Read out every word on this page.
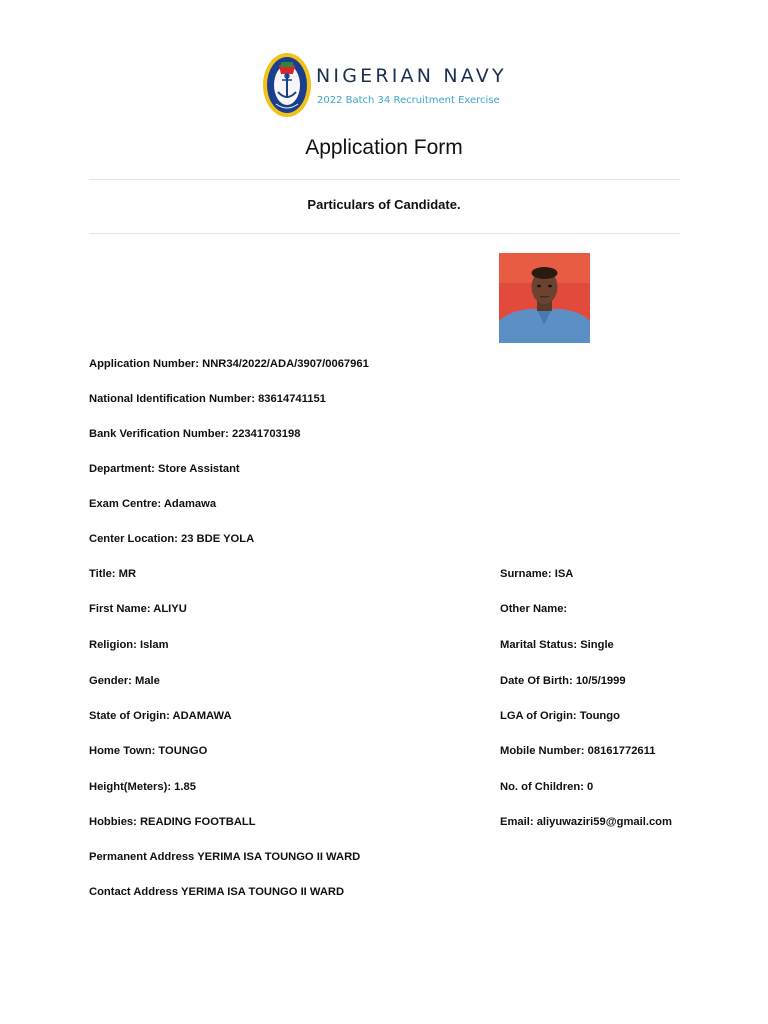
NIGERIAN NAVY
2022 Batch 34 Recruitment Exercise
Application Form
Particulars of Candidate.
Application Number: NNR34/2022/ADA/3907/0067961
National Identification Number: 83614741151
Bank Verification Number: 22341703198
Department: Store Assistant
Exam Centre: Adamawa
Center Location: 23 BDE YOLA
Title: MR	Surname: ISA
First Name: ALIYU	Other Name:
Religion: Islam	Marital Status: Single
Gender: Male	Date Of Birth: 10/5/1999
State of Origin: ADAMAWA	LGA of Origin: Toungo
Home Town: TOUNGO	Mobile Number: 08161772611
Height(Meters): 1.85	No. of Children: 0
Hobbies: READING FOOTBALL	Email: aliyuwaziri59@gmail.com
Permanent Address YERIMA ISA TOUNGO II WARD
Contact Address YERIMA ISA TOUNGO II WARD
